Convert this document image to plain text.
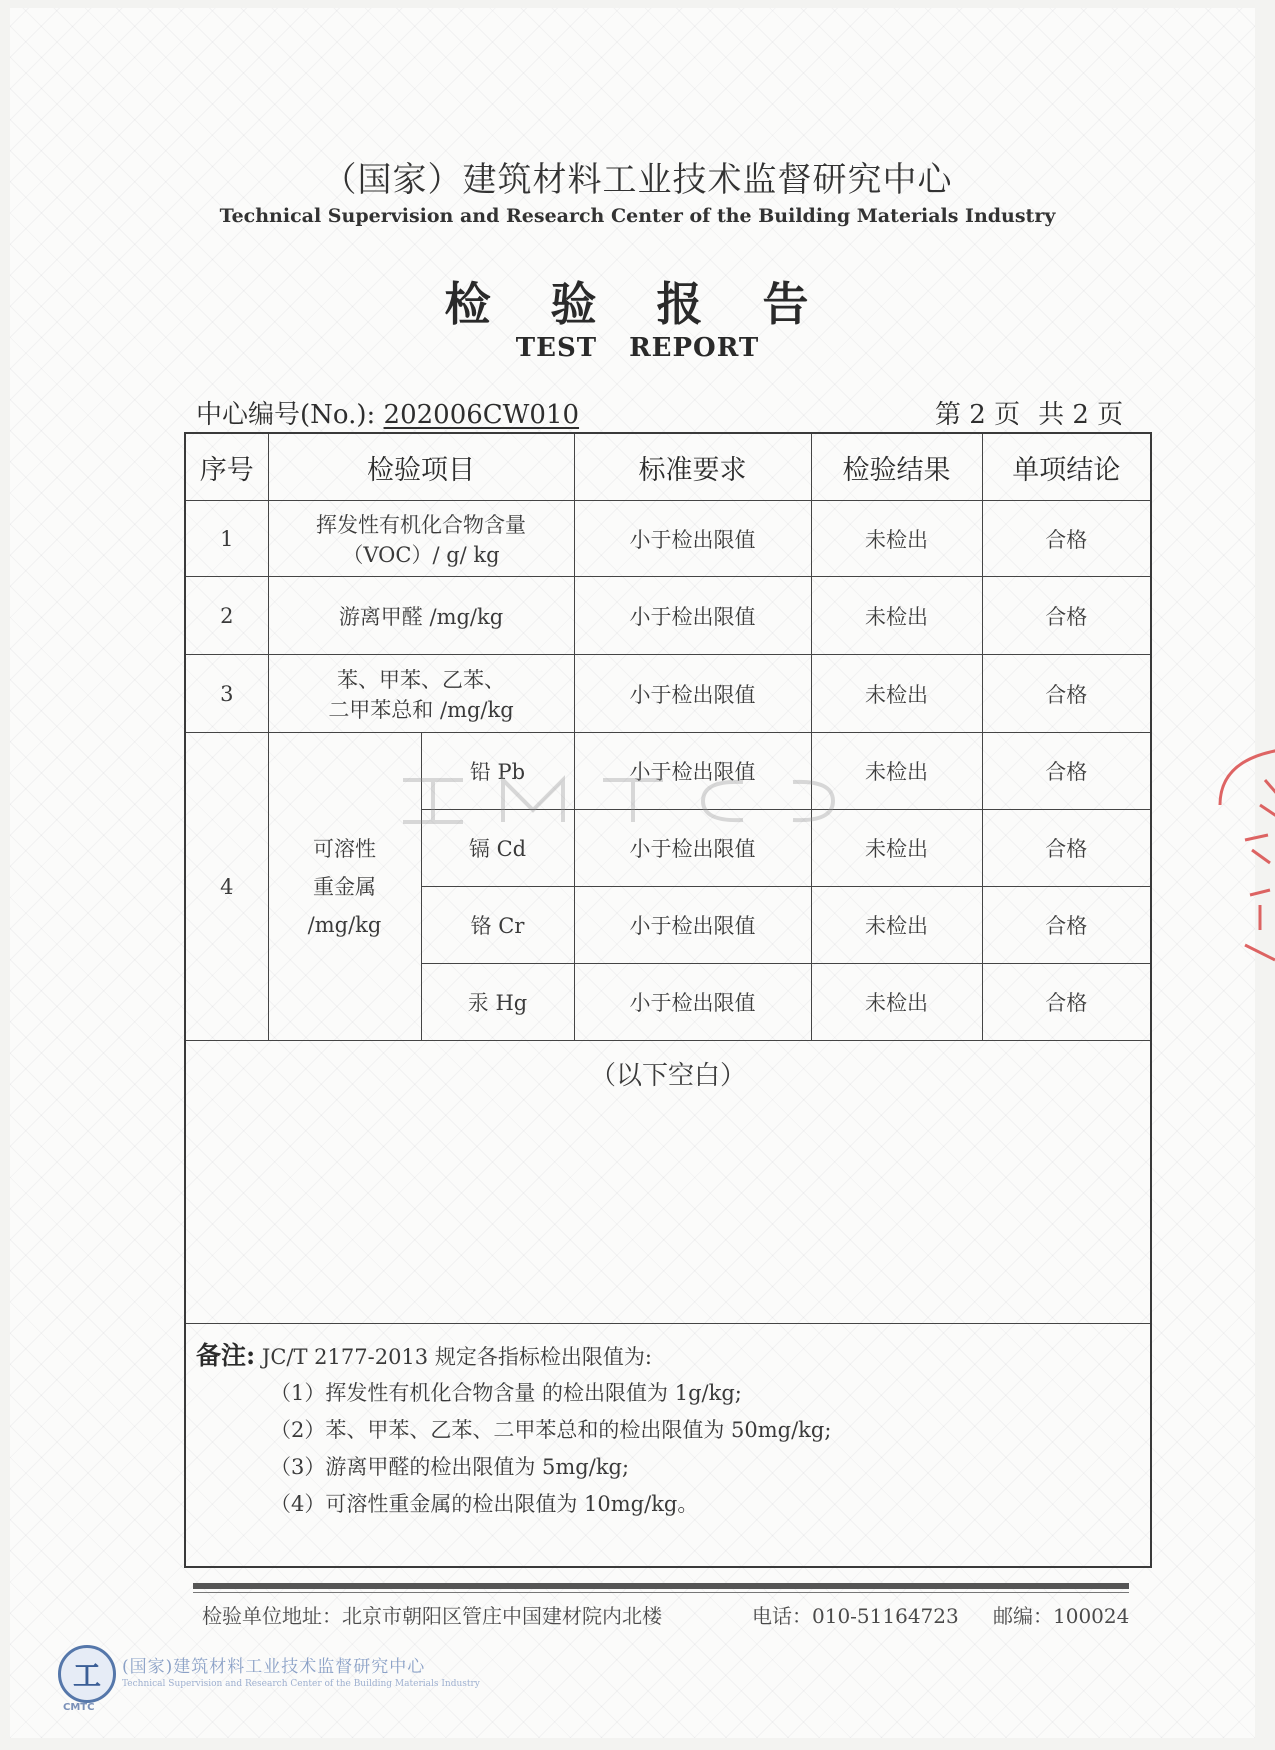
（国家）建筑材料工业技术监督研究中心
Technical Supervision and Research Center of the Building Materials Industry
检 验 报 告
TEST REPORT
中心编号(No.): 202006CW010	第 2 页 共 2 页
序号	检验项目		标准要求	检验结果	单项结论
1	挥发性有机化合物含量
（VOC）/ g/ kg		小于检出限值	未检出	合格
2	游离甲醛 /mg/kg		小于检出限值	未检出	合格
3	苯、甲苯、乙苯、
二甲苯总和 /mg/kg		小于检出限值	未检出	合格
4	可溶性
重金属
/mg/kg	铅 Pb	小于检出限值	未检出	合格
		镉 Cd	小于检出限值	未检出	合格
		铬 Cr	小于检出限值	未检出	合格
		汞 Hg	小于检出限值	未检出	合格
（以下空白）					

备注: JC/T 2177-2013 规定各指标检出限值为:
（1）挥发性有机化合物含量 的检出限值为 1g/kg;
（2）苯、甲苯、乙苯、二甲苯总和的检出限值为 50mg/kg;
（3）游离甲醛的检出限值为 5mg/kg;
（4）可溶性重金属的检出限值为 10mg/kg。					
检验单位地址：北京市朝阳区管庄中国建材院内北楼	电话：010-51164723 邮编：100024
工
CMTC
(国家)建筑材料工业技术监督研究中心
Technical Supervision and Research Center of the Building Materials Industry
